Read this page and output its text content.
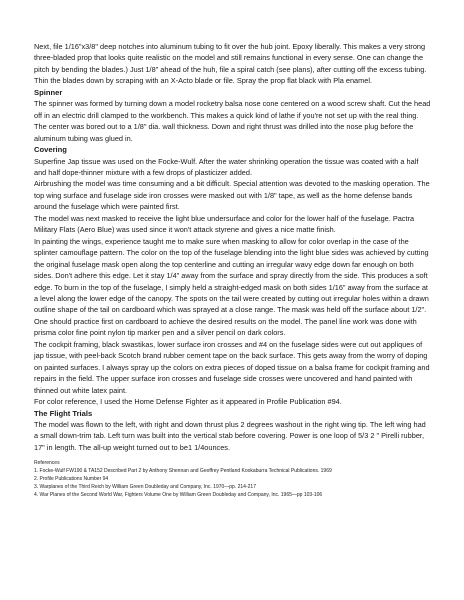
Next, file 1/16"x3/8" deep notches into aluminum tubing to fit over the hub joint. Epoxy liberally. This makes a very strong three-bladed prop that looks quite realistic on the model and still remains functional in every sense. One can change the pitch by bending the blades.) Just 1/8" ahead of the huh, file a spiral catch (see plans), after cutting off the excess tubing. Thin the blades down by scraping with an X-Acto blade or file. Spray the prop flat black with Pla enamel.

Spinner

The spinner was formed by turning down a model rocketry balsa nose cone centered on a wood screw shaft. Cut the head off in an electric drill clamped to the workbench. This makes a quick kind of lathe if you're not set up with the real thing. The center was bored out to a 1/8" dia. wall thickness. Down and right thrust was drilled into the nose plug before the aluminum tubing was glued in.

Covering

Superfine Jap tissue was used on the Focke-Wulf. After the water shrinking operation the tissue was coated with a half and half dope-thinner mixture with a few drops of plasticizer added.

Airbrushing the model was time consuming and a bit difficult. Special attention was devoted to the masking operation. The top wing surface and fuselage side iron crosses were masked out with 1/8" tape, as well as the home defense bands around the fuselage which were painted first.

The model was next masked to receive the light blue undersurface and color for the lower half of the fuselage. Pactra Military Flats (Aero Blue) was used since it won't attack styrene and gives a nice matte finish.

In painting the wings, experience taught me to make sure when masking to allow for color overlap in the case of the splinter camouflage pattern. The color on the top of the fuselage blending into the light blue sides was achieved by cutting the original fuselage mask open along the top centerline and cutting an irregular wavy edge down far enough on both sides. Don't adhere this edge. Let it stay 1/4" away from the surface and spray directly from the side. This produces a soft edge. To burn in the top of the fuselage, I simply held a straight-edged mask on both sides 1/16" away from the surface at a level along the lower edge of the canopy. The spots on the tail were created by cutting out irregular holes within a drawn outline shape of the tail on cardboard which was sprayed at a close range. The mask was held off the surface about 1/2". One should practice first on cardboard to achieve the desired results on the model. The panel line work was done with prisma color fine point nylon tip marker pen and a silver pencil on dark colors.

The cockpit framing, black swastikas, lower surface iron crosses and #4 on the fuselage sides were cut out appliques of jap tissue, with peel-back Scotch brand rubber cement tape on the back surface. This gets away from the worry of doping on painted surfaces. I always spray up the colors on extra pieces of doped tissue on a balsa frame for cockpit framing and repairs in the field. The upper surface iron crosses and fuselage side crosses were uncovered and hand painted with thinned out white latex paint.

For color reference, I used the Home Defense Fighter as it appeared in Profile Publication #94.

The Flight Trials

The model was flown to the left, with right and down thrust plus 2 degrees washout in the right wing tip. The left wing had a small down-trim tab. Left turn was built into the vertical stab before covering. Power is one loop of 5/3 2 " Pirelli rubber, 17" in length. The all-up weight turned out to be1 1/4ounces.

References

1. Focke-Wulf FW190 & TA152 Described Part 2 by Anthony Shennan and Geoffrey Pentland Kookaburra Technical Publications. 1969

2. Profile Publications Number 94

3. Warplanes of the Third Reich by William Green Doubleday and Company, Inc. 1970—pp. 214-217

4. War Planes of the Second World War, Fighters Volume One by William Green Doubleday and Company, Inc. 1965—pp 103-106
